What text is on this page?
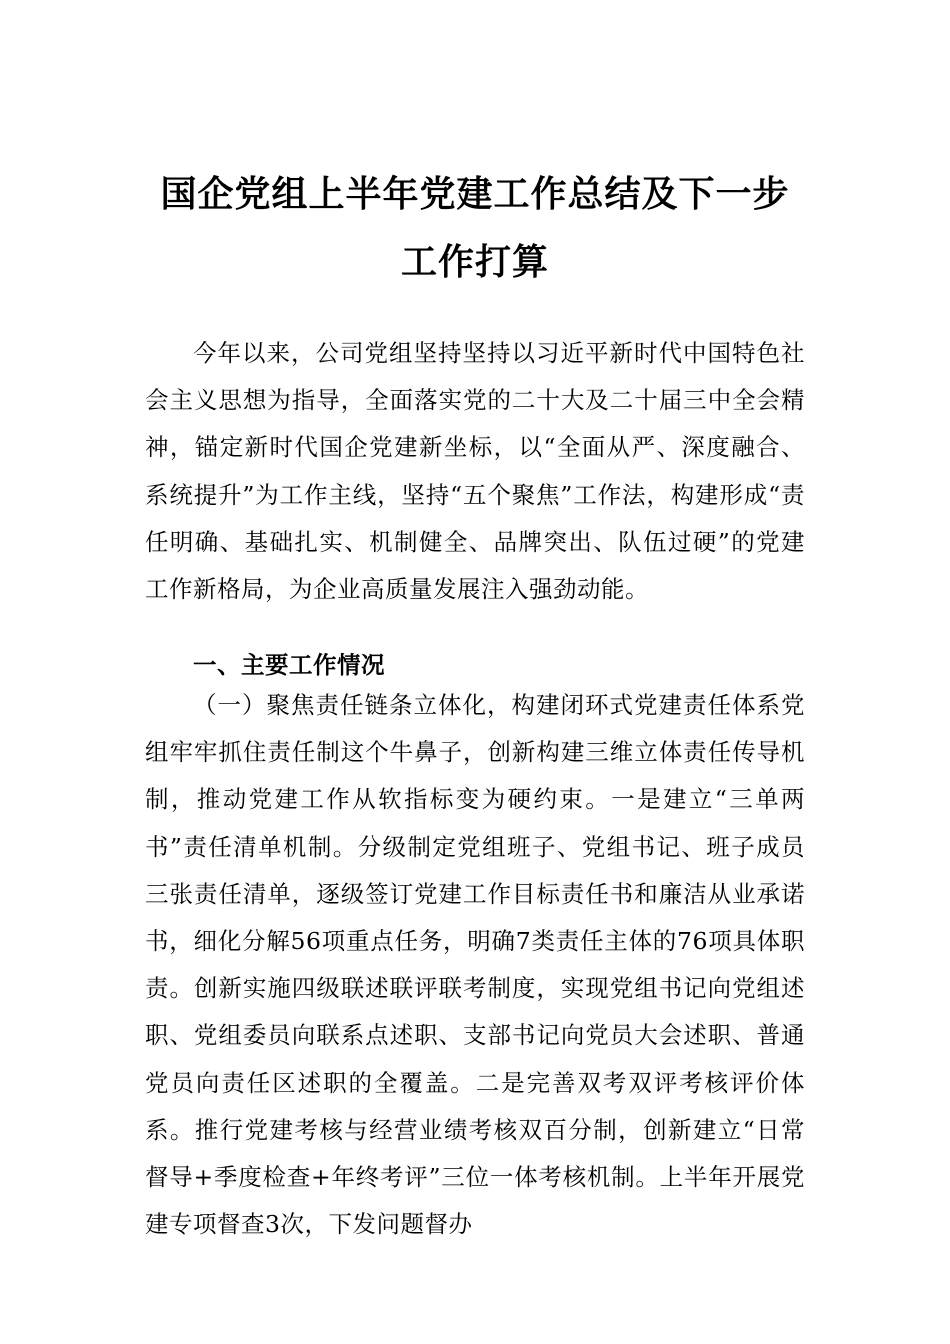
国企党组上半年党建工作总结及下一步工作打算

今年以来，公司党组坚持坚持以习近平新时代中国特色社会主义思想为指导，全面落实党的二十大及二十届三中全会精神，锚定新时代国企党建新坐标，以“全面从严、深度融合、系统提升”为工作主线，坚持“五个聚焦”工作法，构建形成“责任明确、基础扎实、机制健全、品牌突出、队伍过硬”的党建工作新格局，为企业高质量发展注入强劲动能。

一、主要工作情况

（一）聚焦责任链条立体化，构建闭环式党建责任体系党组牢牢抓住责任制这个牛鼻子，创新构建三维立体责任传导机制，推动党建工作从软指标变为硬约束。一是建立“三单两书”责任清单机制。分级制定党组班子、党组书记、班子成员三张责任清单，逐级签订党建工作目标责任书和廉洁从业承诺书，细化分解56项重点任务，明确7类责任主体的76项具体职责。创新实施四级联述联评联考制度，实现党组书记向党组述职、党组委员向联系点述职、支部书记向党员大会述职、普通党员向责任区述职的全覆盖。二是完善双考双评考核评价体系。推行党建考核与经营业绩考核双百分制，创新建立“日常督导+季度检查+年终考评”三位一体考核机制。上半年开展党建专项督查3次，下发问题督办
